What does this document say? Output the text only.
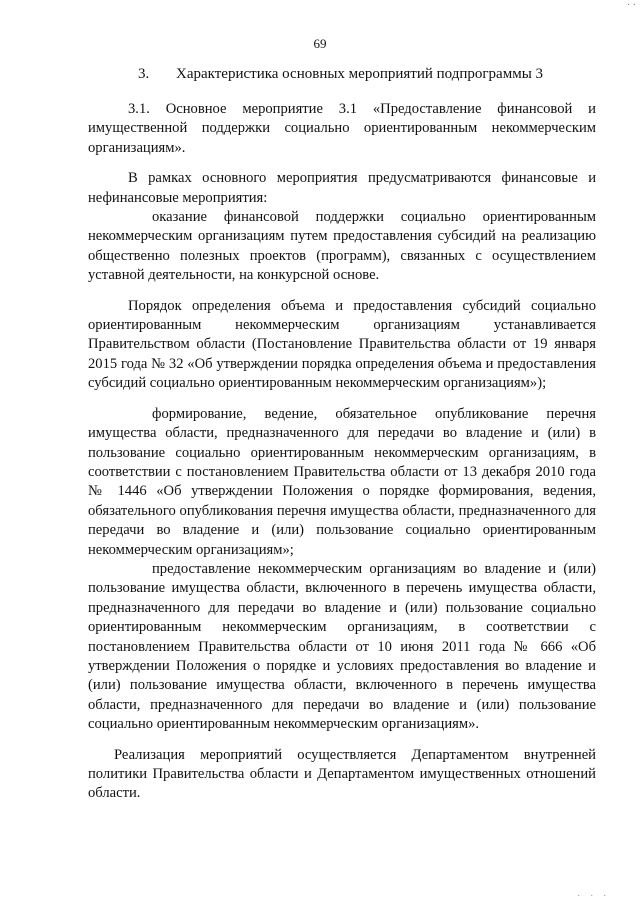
69
3. Характеристика основных мероприятий подпрограммы 3

3.1. Основное мероприятие 3.1 «Предоставление финансовой и имущественной поддержки социально ориентированным некоммерческим организациям».

В рамках основного мероприятия предусматриваются финансовые и нефинансовые мероприятия:

оказание финансовой поддержки социально ориентированным некоммерческим организациям путем предоставления субсидий на реализацию общественно полезных проектов (программ), связанных с осуществлением уставной деятельности, на конкурсной основе.

Порядок определения объема и предоставления субсидий социально ориентированным некоммерческим организациям устанавливается Правительством области (Постановление Правительства области от 19 января 2015 года № 32 «Об утверждении порядка определения объема и предоставления субсидий социально ориентированным некоммерческим организациям»);

формирование, ведение, обязательное опубликование перечня имущества области, предназначенного для передачи во владение и (или) в пользование социально ориентированным некоммерческим организациям, в соответствии с постановлением Правительства области от 13 декабря 2010 года № 1446 «Об утверждении Положения о порядке формирования, ведения, обязательного опубликования перечня имущества области, предназначенного для передачи во владение и (или) пользование социально ориентированным некоммерческим организациям»;

предоставление некоммерческим организациям во владение и (или) пользование имущества области, включенного в перечень имущества области, предназначенного для передачи во владение и (или) пользование социально ориентированным некоммерческим организациям, в соответствии с постановлением Правительства области от 10 июня 2011 года № 666 «Об утверждении Положения о порядке и условиях предоставления во владение и (или) пользование имущества области, включенного в перечень имущества области, предназначенного для передачи во владение и (или) пользование социально ориентированным некоммерческим организациям».

Реализация мероприятий осуществляется Департаментом внутренней политики Правительства области и Департаментом имущественных отношений области.

· ·
. . .
